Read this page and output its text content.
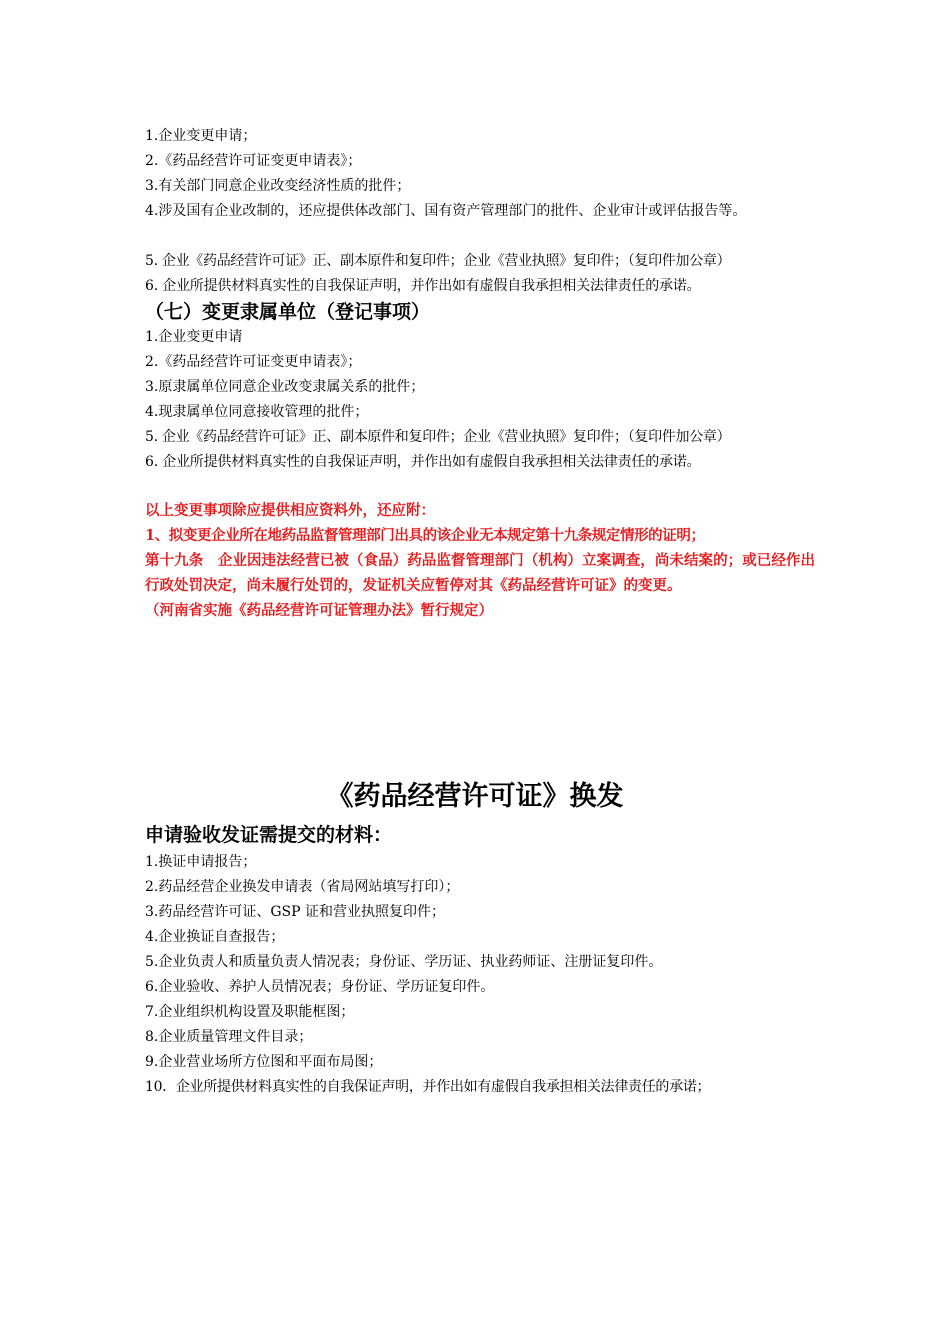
1.企业变更申请；
2.《药品经营许可证变更申请表》；
3.有关部门同意企业改变经济性质的批件；
4.涉及国有企业改制的，还应提供体改部门、国有资产管理部门的批件、企业审计或评估报告等。
5. 企业《药品经营许可证》正、副本原件和复印件；企业《营业执照》复印件；（复印件加公章）
6. 企业所提供材料真实性的自我保证声明，并作出如有虚假自我承担相关法律责任的承诺。
（七）变更隶属单位（登记事项）
1.企业变更申请
2.《药品经营许可证变更申请表》；
3.原隶属单位同意企业改变隶属关系的批件；
4.现隶属单位同意接收管理的批件；
5. 企业《药品经营许可证》正、副本原件和复印件；企业《营业执照》复印件；（复印件加公章）
6. 企业所提供材料真实性的自我保证声明，并作出如有虚假自我承担相关法律责任的承诺。
以上变更事项除应提供相应资料外，还应附：
1、拟变更企业所在地药品监督管理部门出具的该企业无本规定第十九条规定情形的证明；
第十九条　企业因违法经营已被（食品）药品监督管理部门（机构）立案调查，尚未结案的；或已经作出行政处罚决定，尚未履行处罚的，发证机关应暂停对其《药品经营许可证》的变更。
（河南省实施《药品经营许可证管理办法》暂行规定）
《药品经营许可证》换发
申请验收发证需提交的材料：
1.换证申请报告；
2.药品经营企业换发申请表（省局网站填写打印）；
3.药品经营许可证、GSP 证和营业执照复印件；
4.企业换证自查报告；
5.企业负责人和质量负责人情况表；身份证、学历证、执业药师证、注册证复印件。
6.企业验收、养护人员情况表；身份证、学历证复印件。
7.企业组织机构设置及职能框图；
8.企业质量管理文件目录；
9.企业营业场所方位图和平面布局图；
10．企业所提供材料真实性的自我保证声明，并作出如有虚假自我承担相关法律责任的承诺；
